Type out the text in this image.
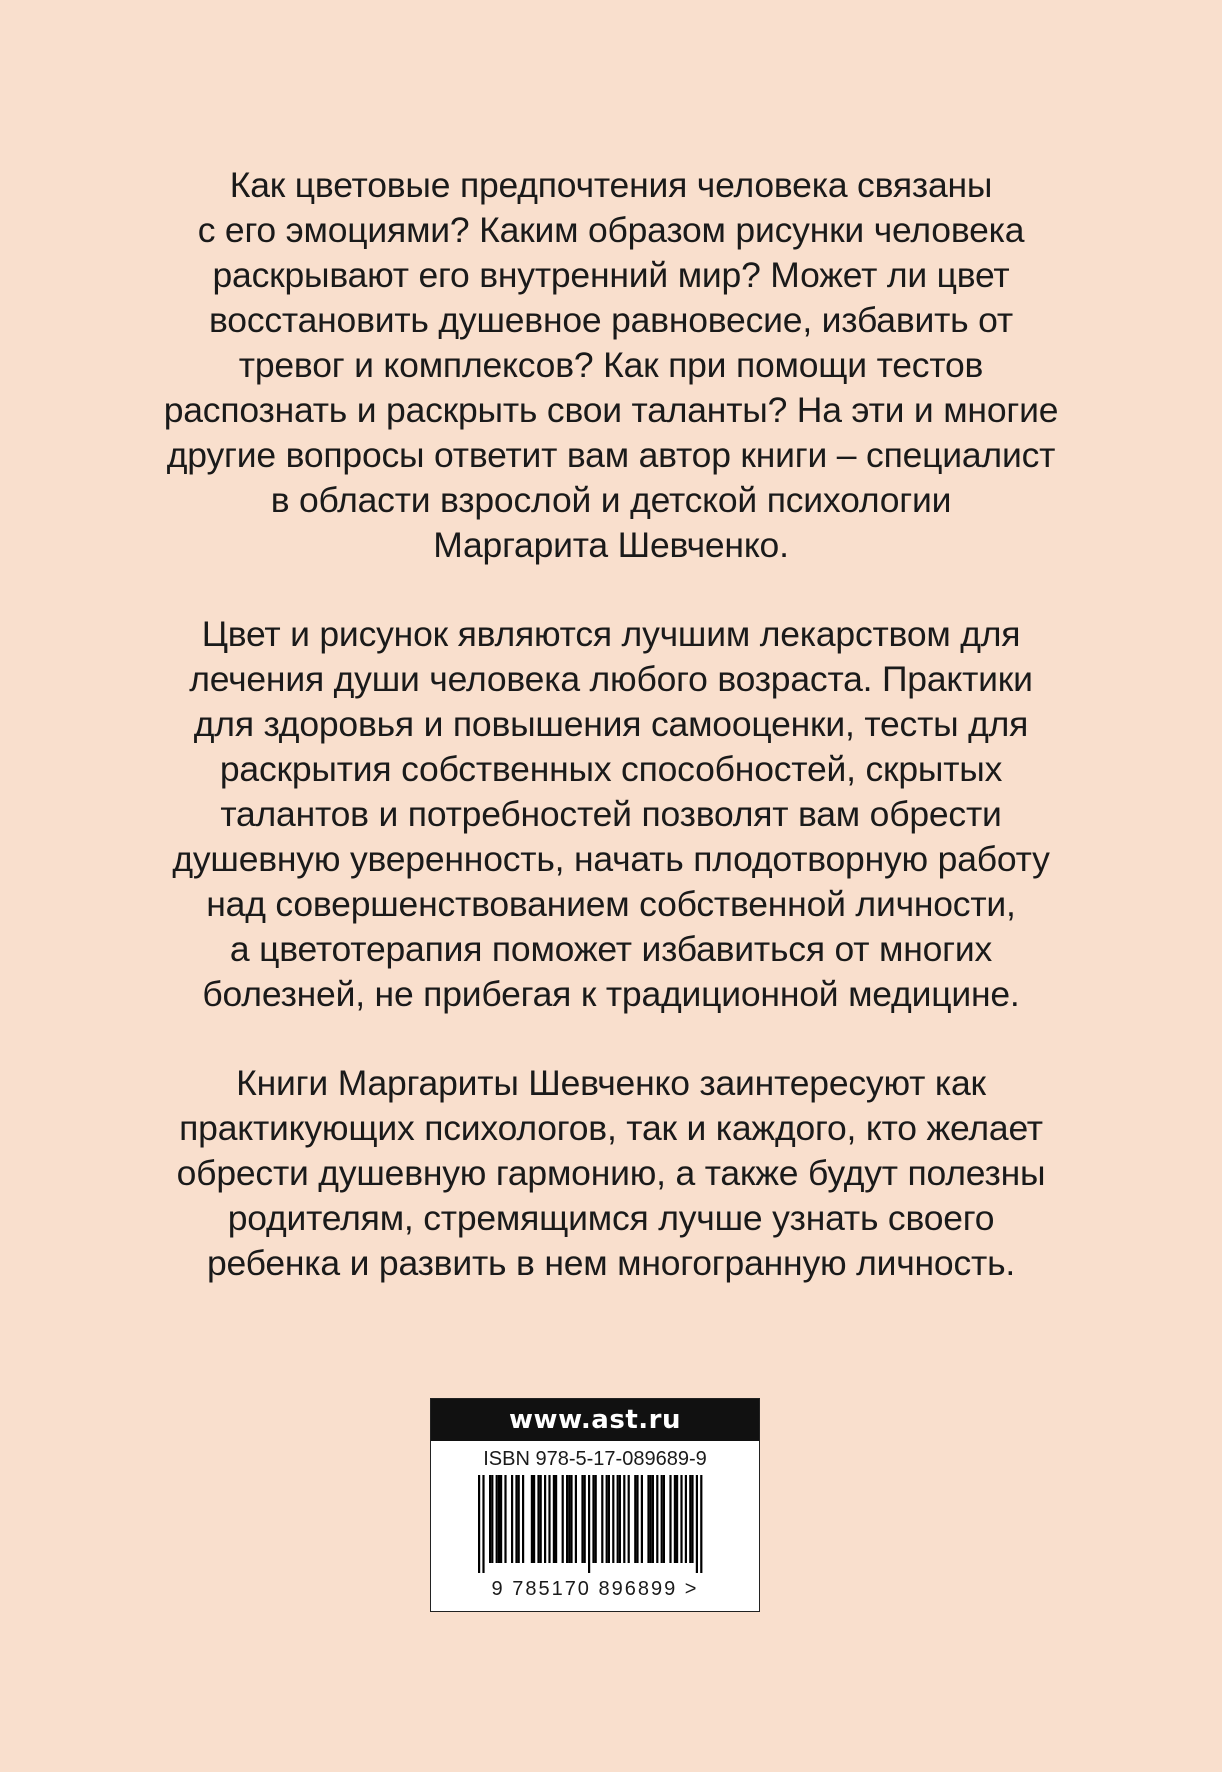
Как цветовые предпочтения человека связаны
с его эмоциями? Каким образом рисунки человека
раскрывают его внутренний мир? Может ли цвет
восстановить душевное равновесие, избавить от
тревог и комплексов? Как при помощи тестов
распознать и раскрыть свои таланты? На эти и многие
другие вопросы ответит вам автор книги – специалист
в области взрослой и детской психологии
Маргарита Шевченко.
Цвет и рисунок являются лучшим лекарством для
лечения души человека любого возраста. Практики
для здоровья и повышения самооценки, тесты для
раскрытия собственных способностей, скрытых
талантов и потребностей позволят вам обрести
душевную уверенность, начать плодотворную работу
над совершенствованием собственной личности,
а цветотерапия поможет избавиться от многих
болезней, не прибегая к традиционной медицине.
Книги Маргариты Шевченко заинтересуют как
практикующих психологов, так и каждого, кто желает
обрести душевную гармонию, а также будут полезны
родителям, стремящимся лучше узнать своего
ребенка и развить в нем многогранную личность.
www.ast.ru
ISBN 978-5-17-089689-9
9 785170 896899 >
